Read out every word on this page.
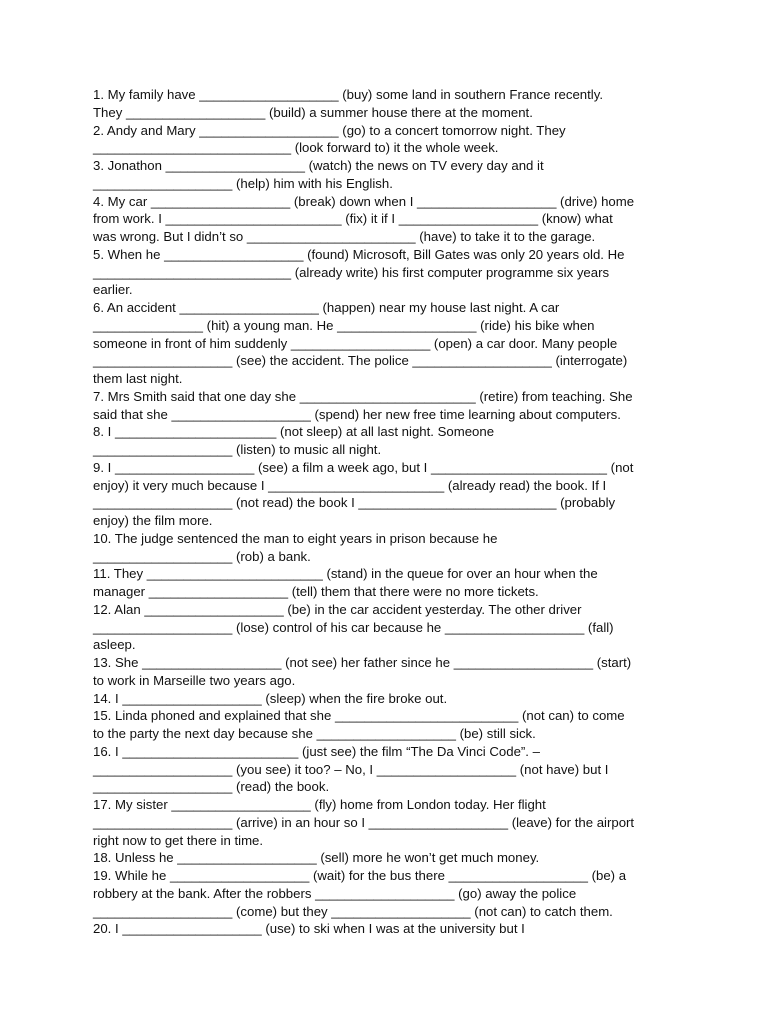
1. My family have ___________________ (buy) some land in southern France recently.

They ___________________ (build) a summer house there at the moment.

2. Andy and Mary ___________________ (go) to a concert tomorrow night. They

___________________________ (look forward to) it the whole week.

3. Jonathon ___________________ (watch) the news on TV every day and it

___________________ (help) him with his English.

4. My car ___________________ (break) down when I ___________________ (drive) home

from work. I ________________________ (fix) it if I ___________________ (know) what

was wrong. But I didn’t so _______________________ (have) to take it to the garage.

5. When he ___________________ (found) Microsoft, Bill Gates was only 20 years old. He

___________________________ (already write) his first computer programme six years

earlier.

6. An accident ___________________ (happen) near my house last night. A car

_______________ (hit) a young man. He ___________________ (ride) his bike when

someone in front of him suddenly ___________________ (open) a car door. Many people

___________________ (see) the accident. The police ___________________ (interrogate)

them last night.

7. Mrs Smith said that one day she ________________________ (retire) from teaching. She

said that she ___________________ (spend) her new free time learning about computers.

8. I ______________________ (not sleep) at all last night. Someone

___________________ (listen) to music all night.

9. I ___________________ (see) a film a week ago, but I ________________________ (not

enjoy) it very much because I ________________________ (already read) the book. If I

___________________ (not read) the book I ___________________________ (probably

enjoy) the film more.

10. The judge sentenced the man to eight years in prison because he

___________________ (rob) a bank.

11. They ________________________ (stand) in the queue for over an hour when the

manager ___________________ (tell) them that there were no more tickets.

12. Alan ___________________ (be) in the car accident yesterday. The other driver

___________________ (lose) control of his car because he ___________________ (fall)

asleep.

13. She ___________________ (not see) her father since he ___________________ (start)

to work in Marseille two years ago.

14. I ___________________ (sleep) when the fire broke out.

15. Linda phoned and explained that she _________________________ (not can) to come

to the party the next day because she ___________________ (be) still sick.

16. I ________________________ (just see) the film “The Da Vinci Code”. –

___________________ (you see) it too? – No, I ___________________ (not have) but I

___________________ (read) the book.

17. My sister ___________________ (fly) home from London today. Her flight

___________________ (arrive) in an hour so I ___________________ (leave) for the airport

right now to get there in time.

18. Unless he ___________________ (sell) more he won’t get much money.

19. While he ___________________ (wait) for the bus there ___________________ (be) a

robbery at the bank. After the robbers ___________________ (go) away the police

___________________ (come) but they ___________________ (not can) to catch them.

20. I ___________________ (use) to ski when I was at the university but I
